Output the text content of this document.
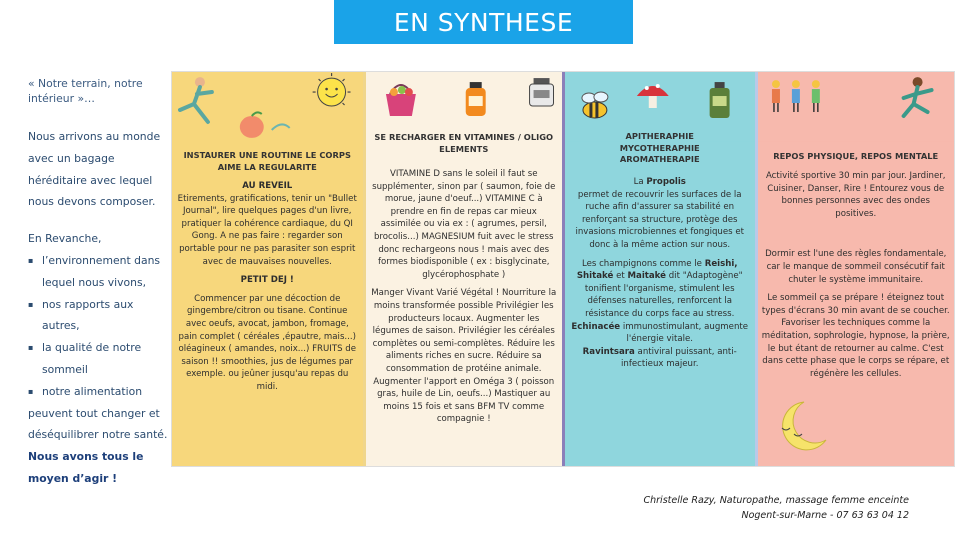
EN SYNTHESE
« Notre terrain, notre intérieur »…
Nous arrivons au monde avec un bagage héréditaire avec lequel nous devons composer.
En Revanche,
▪ l’environnement dans lequel nous vivons,
▪ nos rapports aux autres,
▪ la qualité de notre sommeil
▪ notre alimentation
peuvent tout changer et déséquilibrer notre santé.
Nous avons tous le moyen d’agir !
INSTAURER UNE ROUTINE LE CORPS AIME LA REGULARITE
AU REVEIL
Etirements, gratifications, tenir un "Bullet Journal", lire quelques pages d'un livre, pratiquer la cohérence cardiaque, du QI Gong. A ne pas faire : regarder son portable pour ne pas parasiter son esprit avec de mauvaises nouvelles.
PETIT DEJ !
Commencer par une décoction de gingembre/citron ou tisane. Continue avec oeufs, avocat, jambon, fromage, pain complet ( céréales ,épautre, mais...) oléagineux ( amandes, noix...) FRUITS de saison !! smoothies, jus de légumes par exemple. ou jeûner jusqu'au repas du midi.
SE RECHARGER EN VITAMINES / OLIGO ELEMENTS
VITAMINE D sans le soleil il faut se supplémenter, sinon par ( saumon, foie de morue, jaune d'oeuf...) VITAMINE C à prendre en fin de repas car mieux assimilée ou via ex : ( agrumes, persil, brocolis...) MAGNESIUM fuit avec le stress donc rechargeons nous ! mais avec des formes biodisponible ( ex : bisglycinate, glycérophosphate )
Manger Vivant Varié Végétal ! Nourriture la moins transformée possible Privilégier les producteurs locaux. Augmenter les légumes de saison. Privilégier les céréales complètes ou semi-complètes. Réduire les aliments riches en sucre. Réduire sa consommation de protéine animale. Augmenter l'apport en Oméga 3 ( poisson gras, huile de Lin, oeufs...) Mastiquer au moins 15 fois et sans BFM TV comme compagnie !
APITHERAPHIE
MYCOTHERAPHIE
AROMATHERAPIE
La Propolis
permet de recouvrir les surfaces de la ruche afin d'assurer sa stabilité en renforçant sa structure, protège des invasions microbiennes et fongiques et donc à la même action sur nous.
Les champignons comme le Reishi, Shitaké et Maitaké dit "Adaptogène" tonifient l'organisme, stimulent les défenses naturelles, renforcent la résistance du corps face au stress.
Echinacée immunostimulant, augmente l'énergie vitale.
Ravintsara antiviral puissant, anti-infectieux majeur.
REPOS PHYSIQUE, REPOS MENTALE
Activité sportive 30 min par jour. Jardiner, Cuisiner, Danser, Rire ! Entourez vous de bonnes personnes avec des ondes positives.
Dormir est l'une des règles fondamentale, car le manque de sommeil consécutif fait chuter le système immunitaire.
Le sommeil ça se prépare ! éteignez tout types d'écrans 30 min avant de se coucher. Favoriser les techniques comme la méditation, sophrologie, hypnose, la prière, le but étant de retourner au calme. C'est dans cette phase que le corps se répare, et régénère les cellules.
Christelle Razy, Naturopathe, massage femme enceinte
Nogent-sur-Marne - 07 63 63 04 12
